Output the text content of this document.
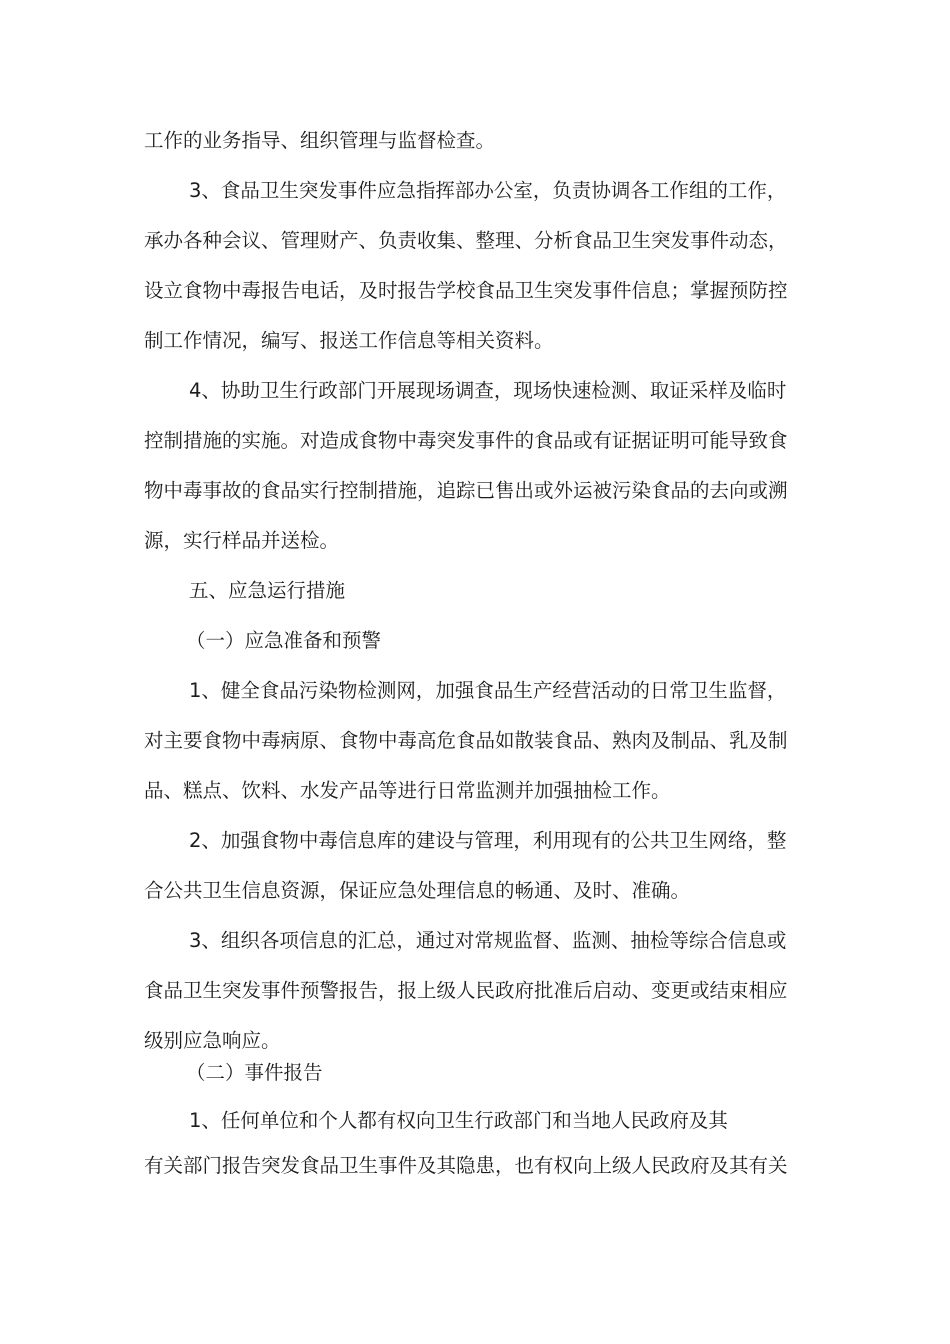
工作的业务指导、组织管理与监督检查。
3、食品卫生突发事件应急指挥部办公室，负责协调各工作组的工作，
承办各种会议、管理财产、负责收集、整理、分析食品卫生突发事件动态，
设立食物中毒报告电话，及时报告学校食品卫生突发事件信息；掌握预防控
制工作情况，编写、报送工作信息等相关资料。
4、协助卫生行政部门开展现场调查，现场快速检测、取证采样及临时
控制措施的实施。对造成食物中毒突发事件的食品或有证据证明可能导致食
物中毒事故的食品实行控制措施，追踪已售出或外运被污染食品的去向或溯
源，实行样品并送检。
五、应急运行措施
（一）应急准备和预警
1、健全食品污染物检测网，加强食品生产经营活动的日常卫生监督，
对主要食物中毒病原、食物中毒高危食品如散装食品、熟肉及制品、乳及制
品、糕点、饮料、水发产品等进行日常监测并加强抽检工作。
2、加强食物中毒信息库的建设与管理，利用现有的公共卫生网络，整
合公共卫生信息资源，保证应急处理信息的畅通、及时、准确。
3、组织各项信息的汇总，通过对常规监督、监测、抽检等综合信息或
食品卫生突发事件预警报告，报上级人民政府批准后启动、变更或结束相应
级别应急响应。
（二）事件报告
1、任何单位和个人都有权向卫生行政部门和当地人民政府及其
有关部门报告突发食品卫生事件及其隐患，也有权向上级人民政府及其有关
